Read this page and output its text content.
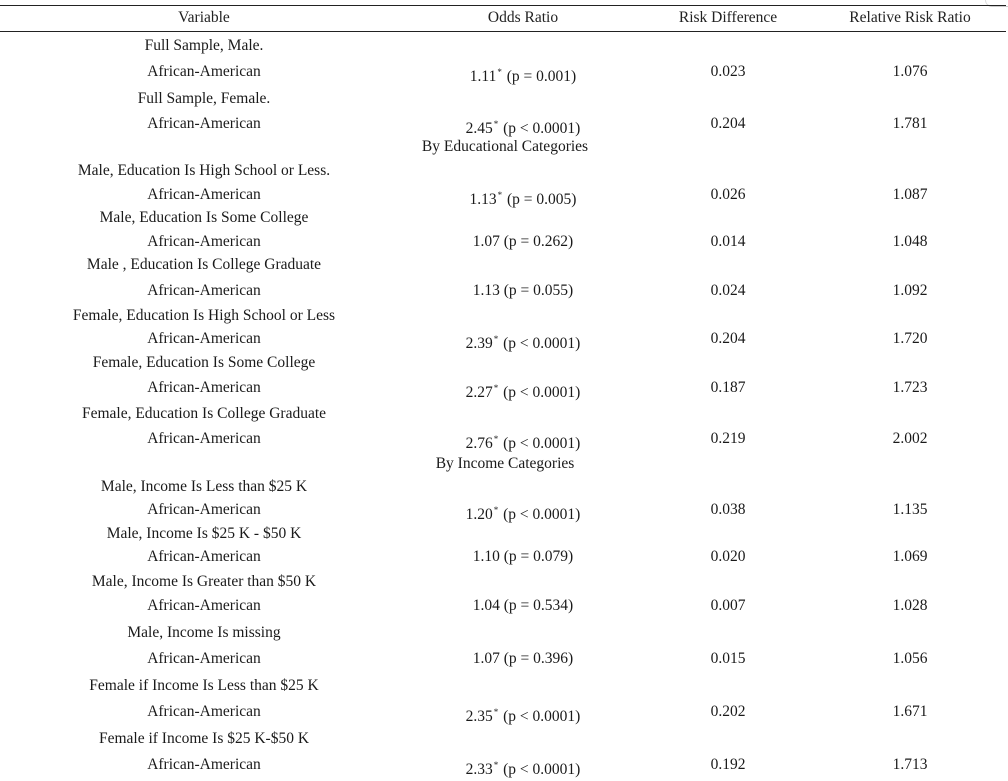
Variable	Odds Ratio	Risk Difference	Relative Risk Ratio
Full Sample, Male.
African-American	1.11* (p = 0.001)	0.023	1.076
Full Sample, Female.
African-American	2.45* (p < 0.0001)	0.204	1.781
By Educational Categories
Male, Education Is High School or Less.
African-American	1.13* (p = 0.005)	0.026	1.087
Male, Education Is Some College
African-American	1.07 (p = 0.262)	0.014	1.048
Male , Education Is College Graduate
African-American	1.13 (p = 0.055)	0.024	1.092
Female, Education Is High School or Less
African-American	2.39* (p < 0.0001)	0.204	1.720
Female, Education Is Some College
African-American	2.27* (p < 0.0001)	0.187	1.723
Female, Education Is College Graduate
African-American	2.76* (p < 0.0001)	0.219	2.002
By Income Categories
Male, Income Is Less than $25 K
African-American	1.20* (p < 0.0001)	0.038	1.135
Male, Income Is $25 K - $50 K
African-American	1.10 (p = 0.079)	0.020	1.069
Male, Income Is Greater than $50 K
African-American	1.04 (p = 0.534)	0.007	1.028
Male, Income Is missing
African-American	1.07 (p = 0.396)	0.015	1.056
Female if Income Is Less than $25 K
African-American	2.35* (p < 0.0001)	0.202	1.671
Female if Income Is $25 K-$50 K
African-American	2.33* (p < 0.0001)	0.192	1.713
